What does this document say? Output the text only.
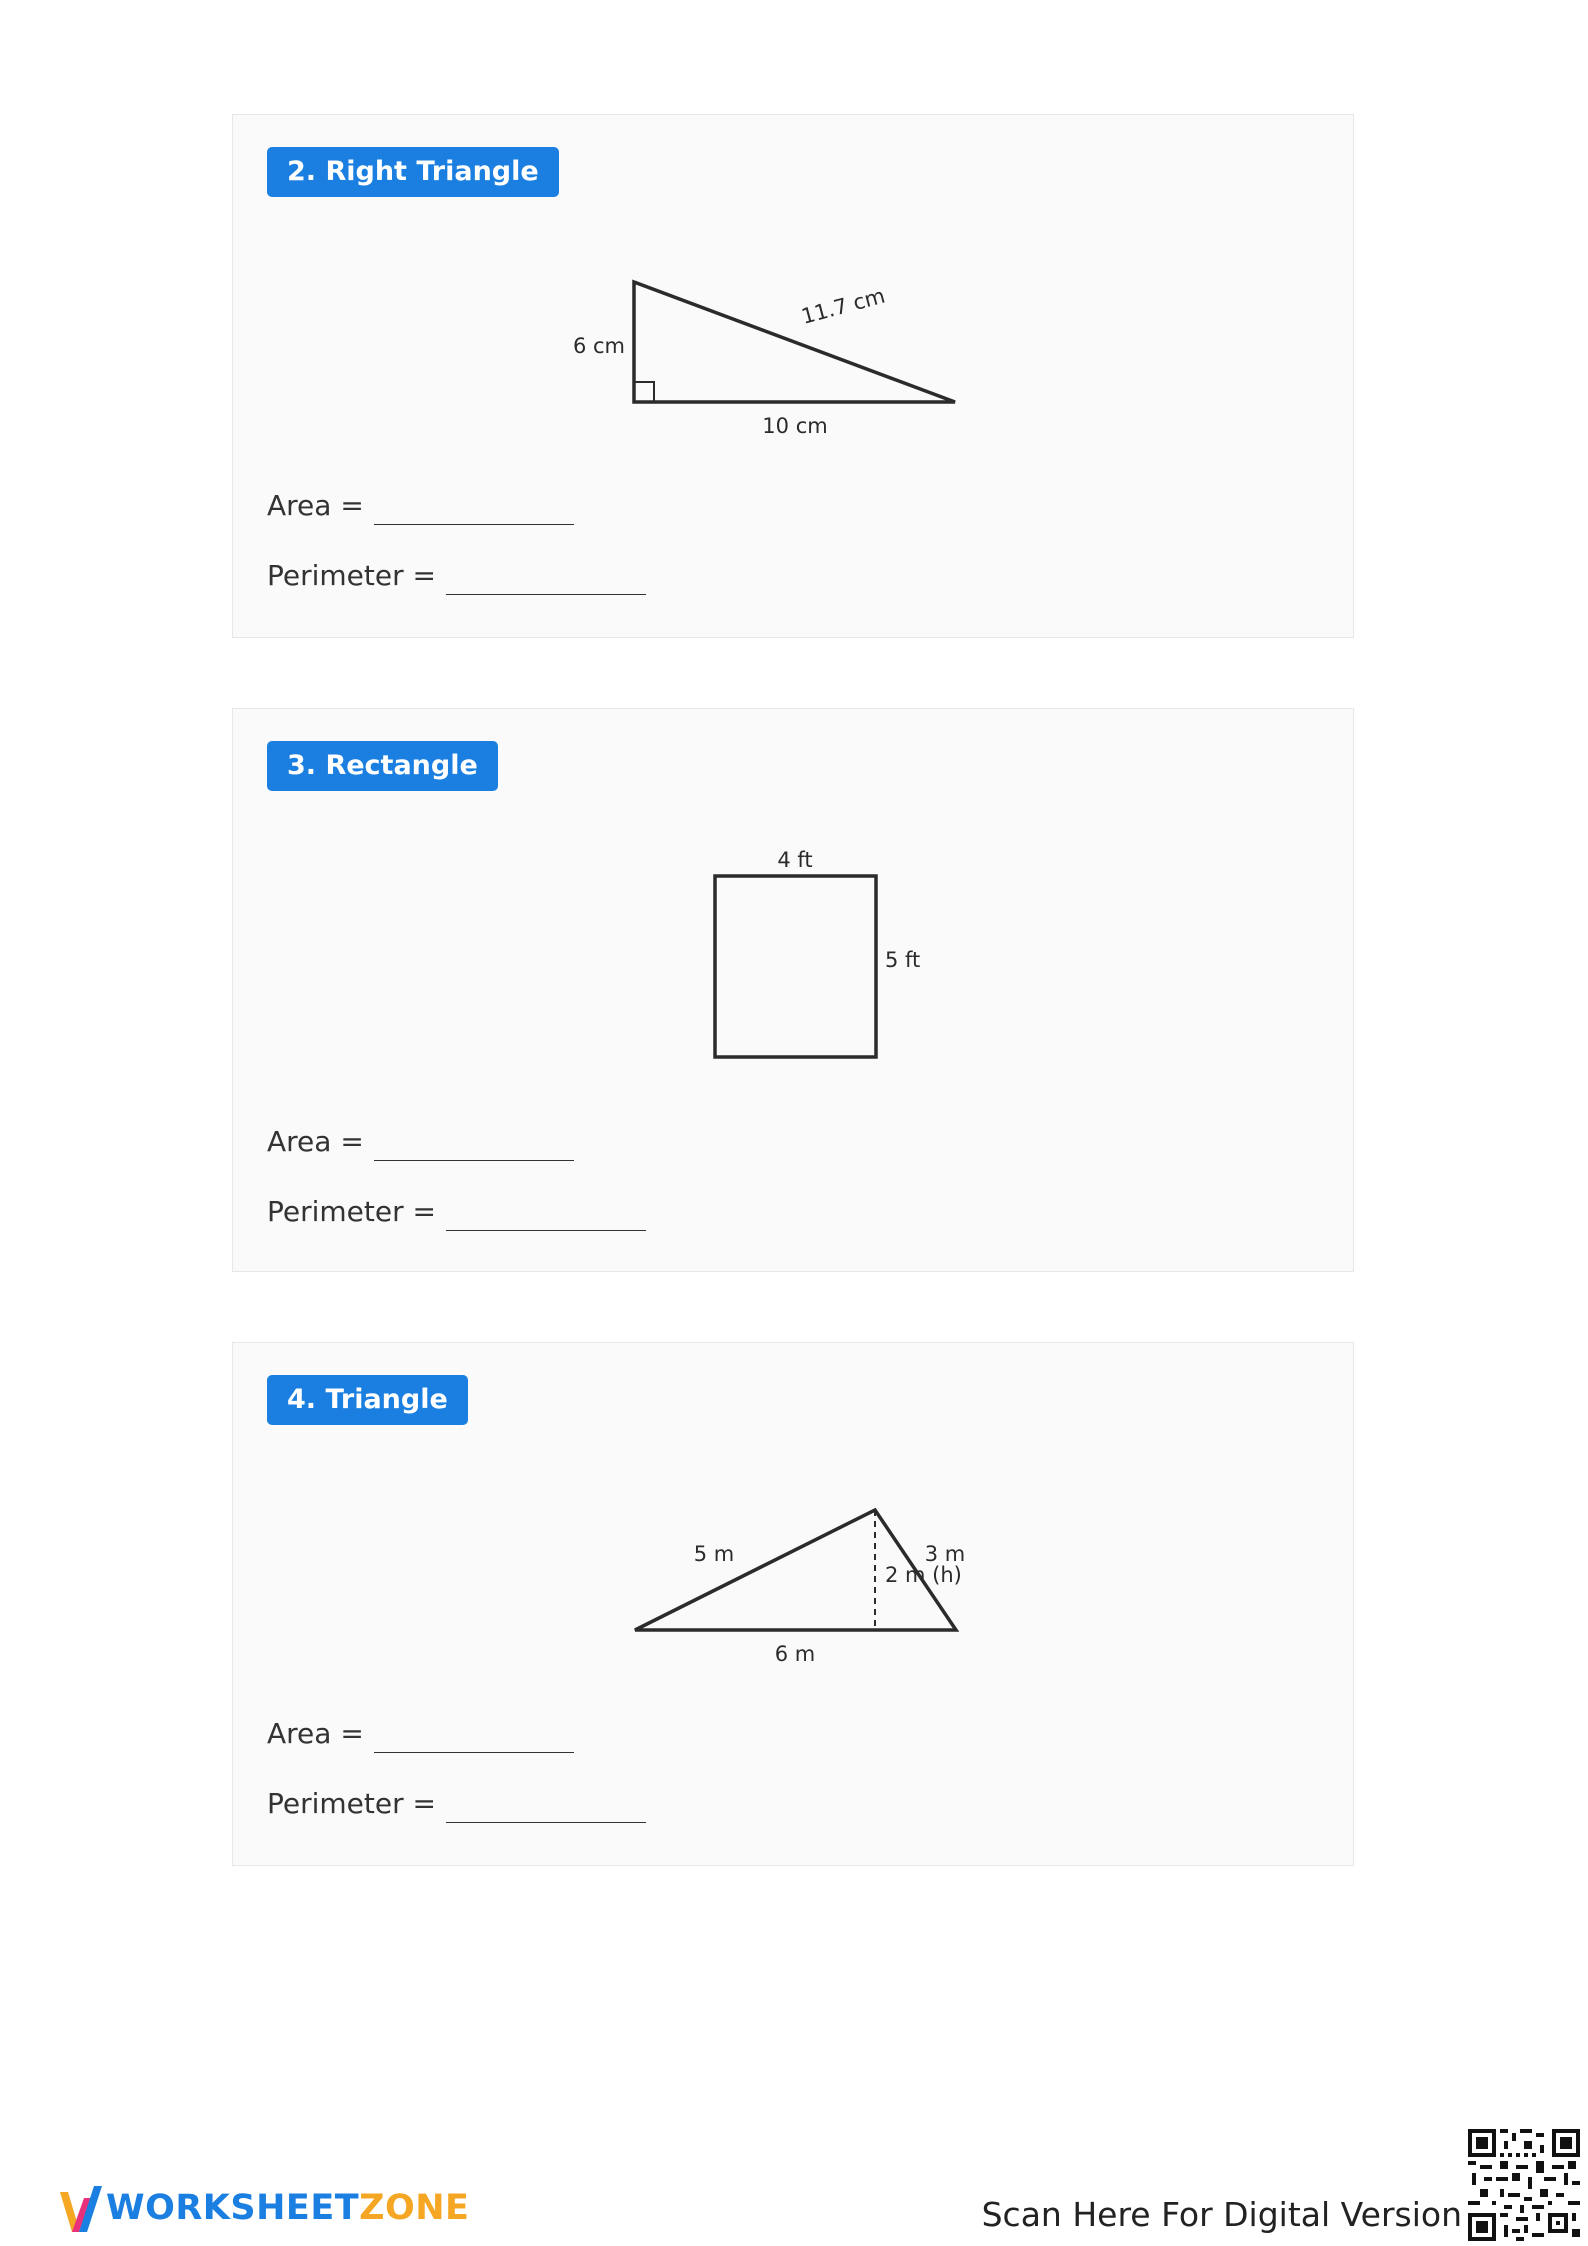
2. Right Triangle
6 cm
11.7 cm
10 cm
Area =
Perimeter =
3. Rectangle
4 ft
5 ft
Area =
Perimeter =
4. Triangle
5 m	3 m
2 m (h)
6 m
Area =
Perimeter =
WORKSHEETZONE	Scan Here For Digital Version
